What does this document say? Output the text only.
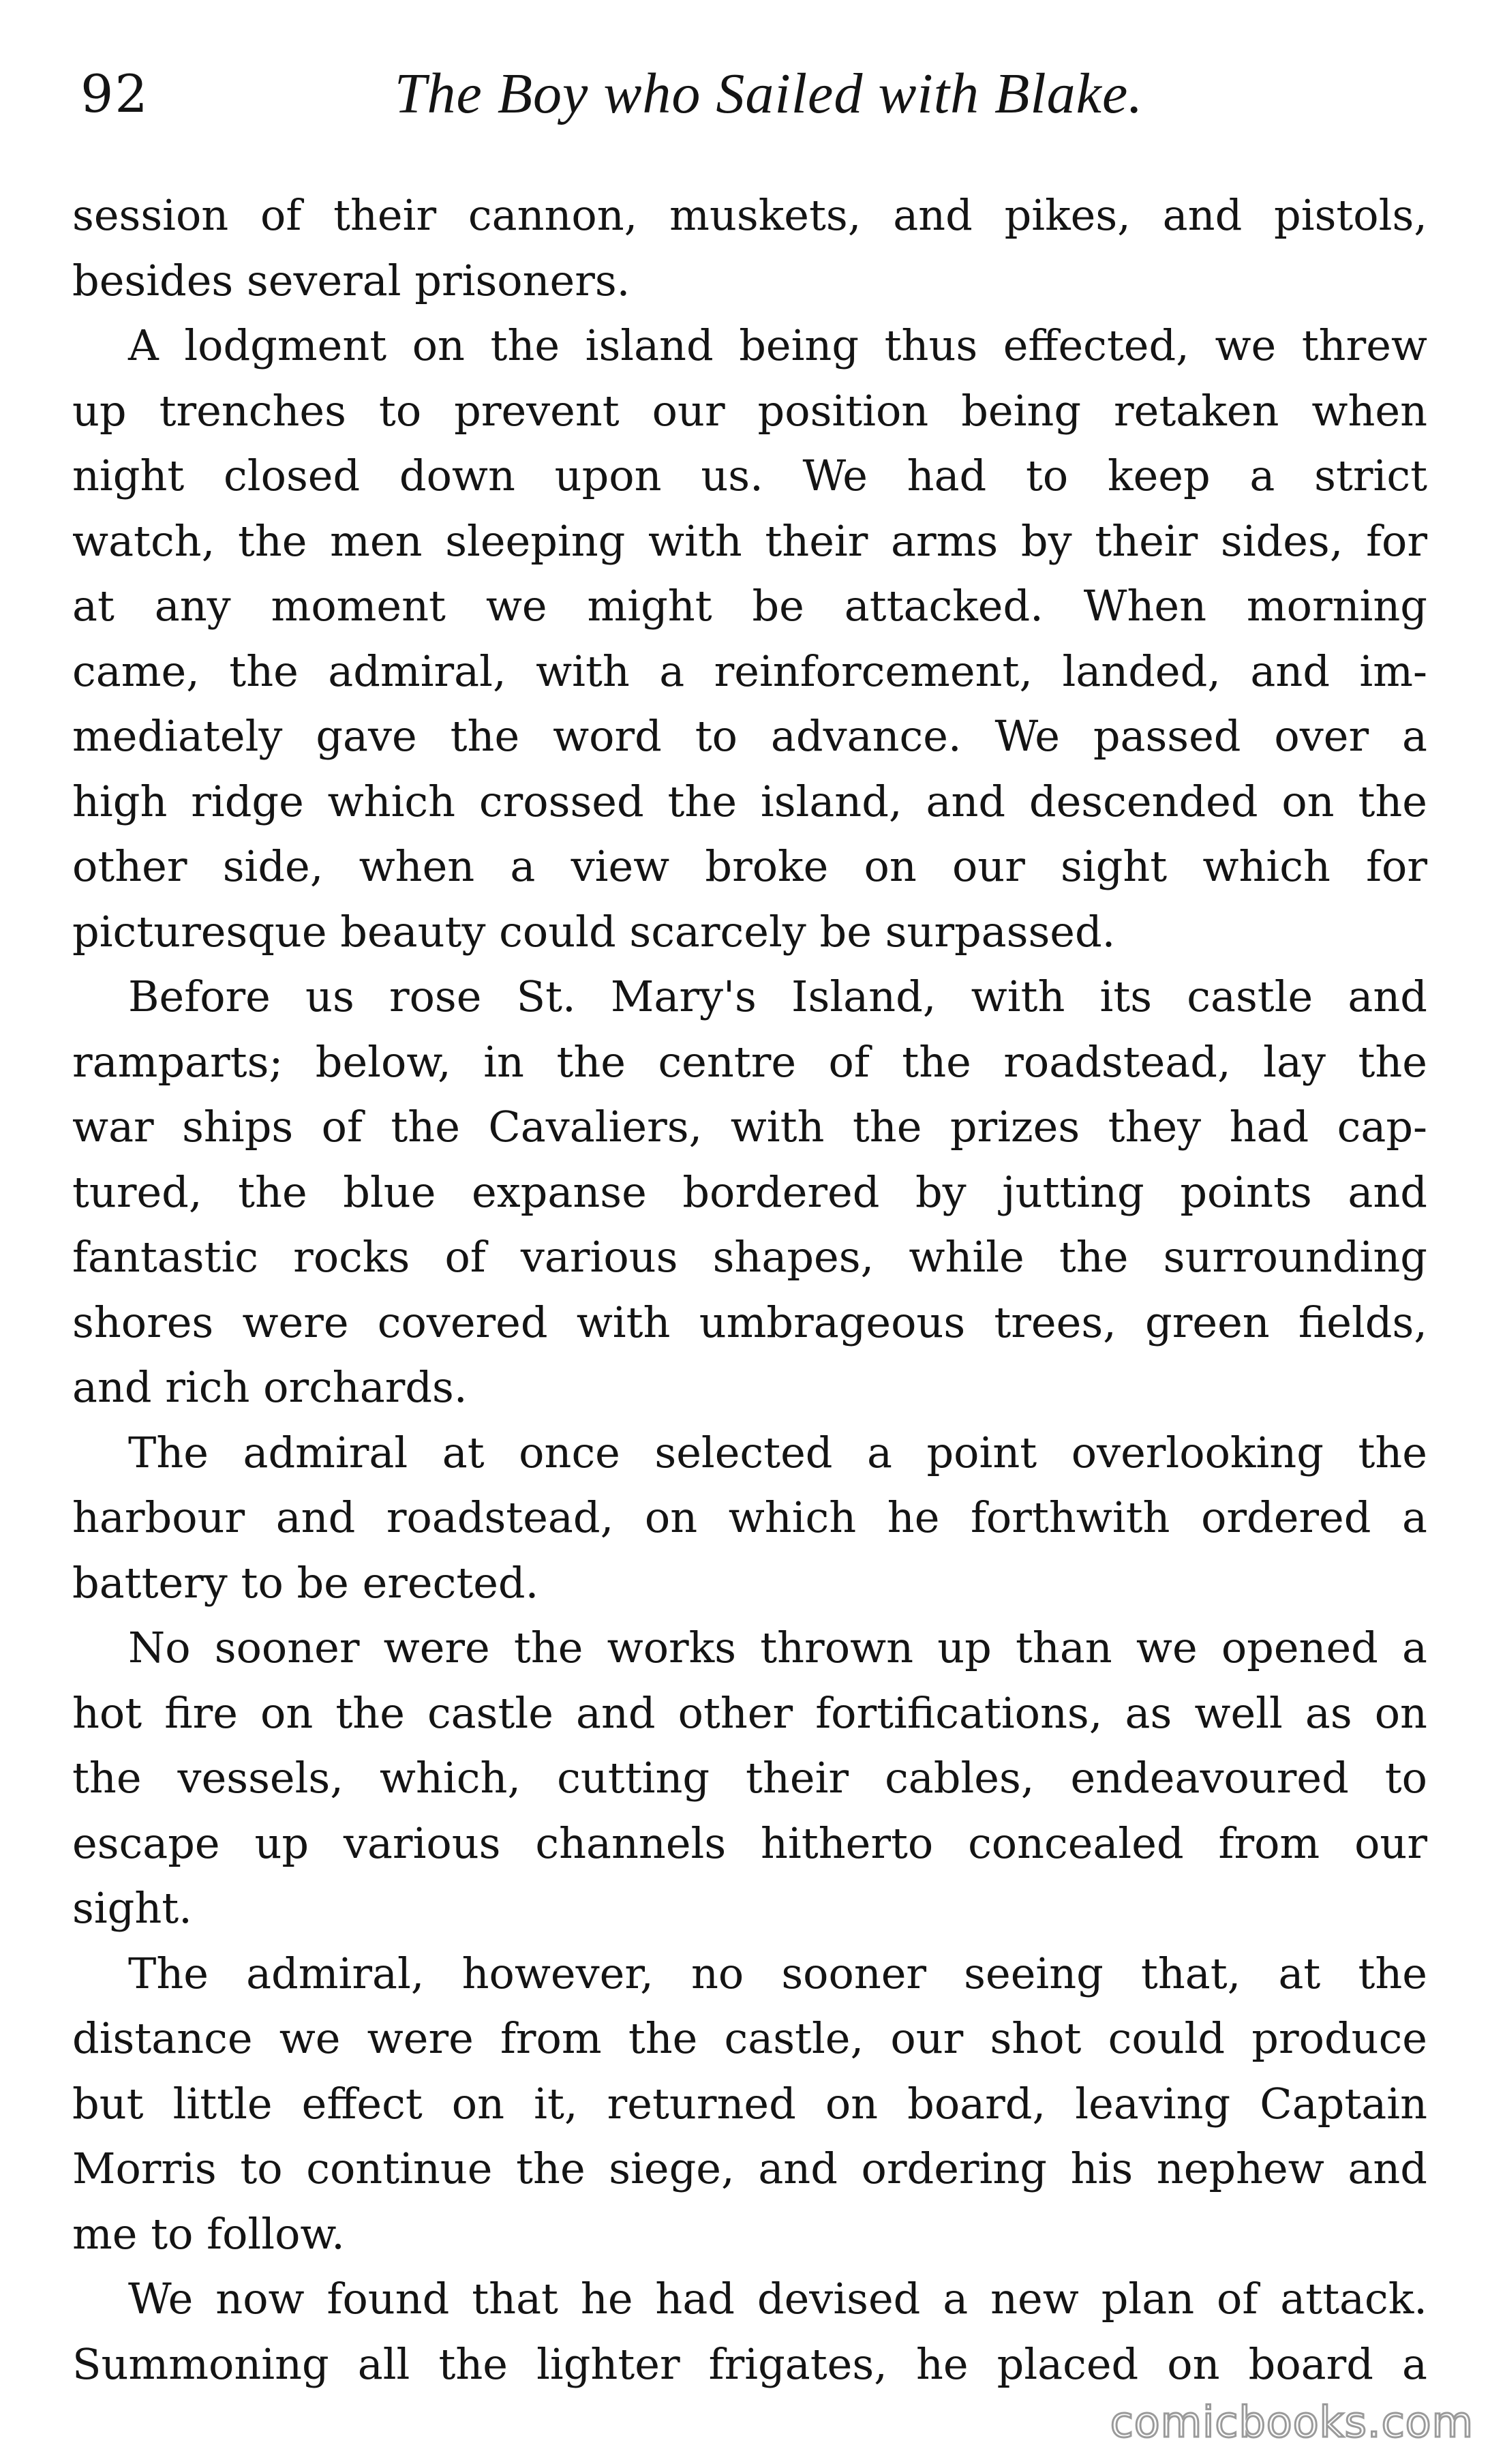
92	The Boy who Sailed with Blake.
session of their cannon, muskets, and pikes, and pistols,
besides several prisoners.
A lodgment on the island being thus effected, we threw
up trenches to prevent our position being retaken when
night closed down upon us. We had to keep a strict
watch, the men sleeping with their arms by their sides, for
at any moment we might be attacked. When morning
came, the admiral, with a reinforcement, landed, and im-
mediately gave the word to advance. We passed over a
high ridge which crossed the island, and descended on the
other side, when a view broke on our sight which for
picturesque beauty could scarcely be surpassed.
Before us rose St. Mary's Island, with its castle and
ramparts; below, in the centre of the roadstead, lay the
war ships of the Cavaliers, with the prizes they had cap-
tured, the blue expanse bordered by jutting points and
fantastic rocks of various shapes, while the surrounding
shores were covered with umbrageous trees, green fields,
and rich orchards.
The admiral at once selected a point overlooking the
harbour and roadstead, on which he forthwith ordered a
battery to be erected.
No sooner were the works thrown up than we opened a
hot fire on the castle and other fortifications, as well as on
the vessels, which, cutting their cables, endeavoured to
escape up various channels hitherto concealed from our
sight.
The admiral, however, no sooner seeing that, at the
distance we were from the castle, our shot could produce
but little effect on it, returned on board, leaving Captain
Morris to continue the siege, and ordering his nephew and
me to follow.
We now found that he had devised a new plan of attack.
Summoning all the lighter frigates, he placed on board a
comicbooks.com
